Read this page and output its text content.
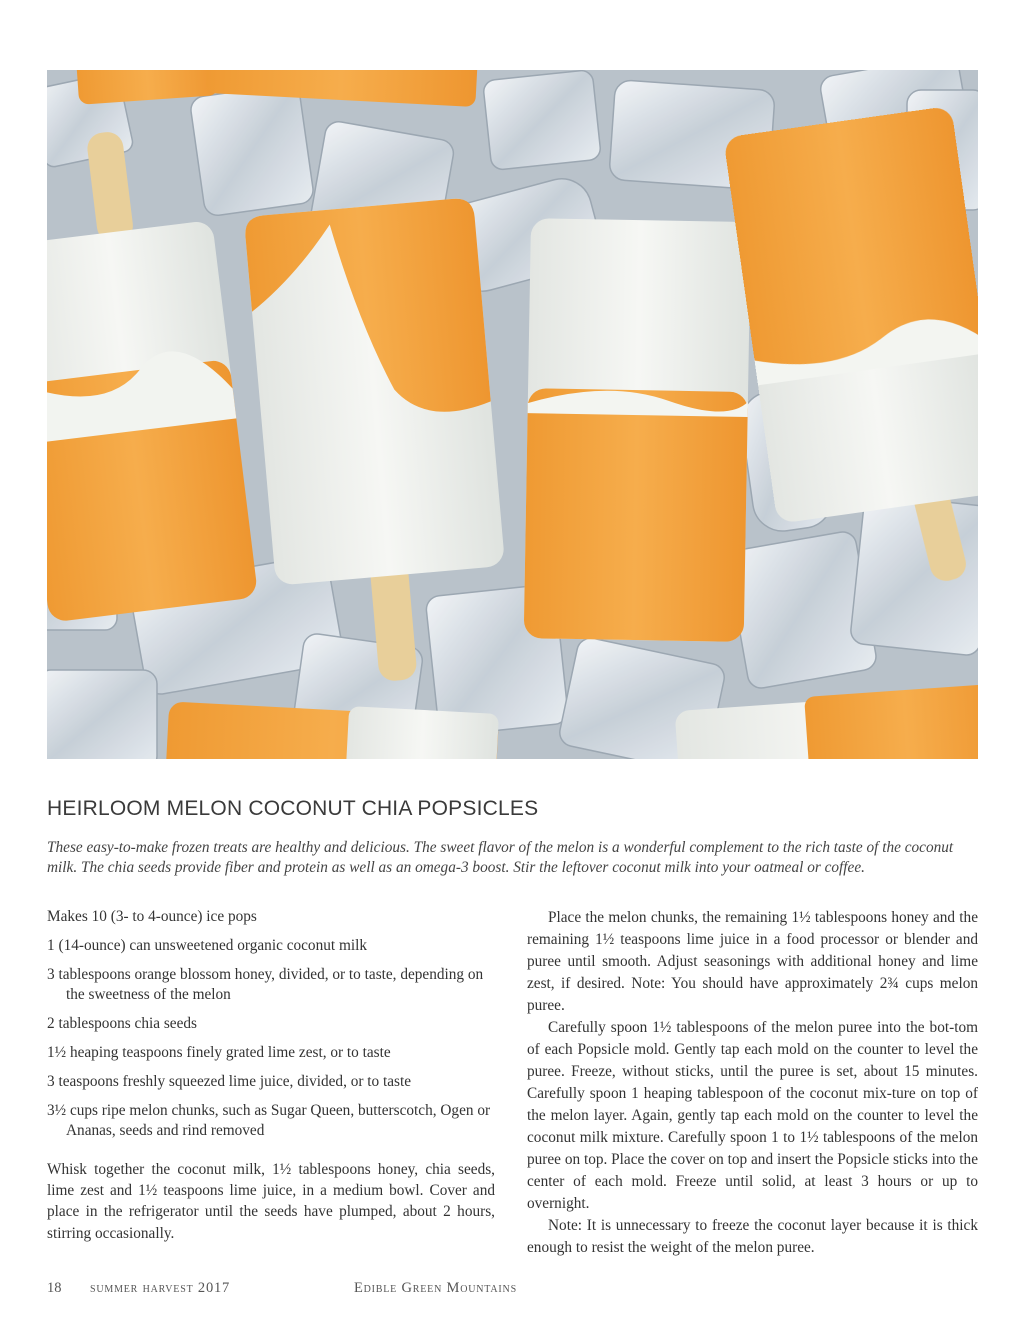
HEIRLOOM MELON COCONUT CHIA POPSICLES
These easy-to-make frozen treats are healthy and delicious. The sweet flavor of the melon is a wonderful complement to the rich taste of the coconut milk. The chia seeds provide fiber and protein as well as an omega-3 boost. Stir the leftover coconut milk into your oatmeal or coffee.

Makes 10 (3- to 4-ounce) ice pops

1 (14-ounce) can unsweetened organic coconut milk

3 tablespoons orange blossom honey, divided, or to taste, depending on the sweetness of the melon

2 tablespoons chia seeds

1½ heaping teaspoons finely grated lime zest, or to taste

3 teaspoons freshly squeezed lime juice, divided, or to taste

3½ cups ripe melon chunks, such as Sugar Queen, butterscotch, Ogen or Ananas, seeds and rind removed

Whisk together the coconut milk, 1½ tablespoons honey, chia seeds, lime zest and 1½ teaspoons lime juice, in a medium bowl. Cover and place in the refrigerator until the seeds have plumped, about 2 hours, stirring occasionally.

Place the melon chunks, the remaining 1½ tablespoons honey and the remaining 1½ teaspoons lime juice in a food processor or blender and puree until smooth. Adjust seasonings with additional honey and lime zest, if desired. Note: You should have approximately 2¾ cups melon puree.

Carefully spoon 1½ tablespoons of the melon puree into the bot-tom of each Popsicle mold. Gently tap each mold on the counter to level the puree. Freeze, without sticks, until the puree is set, about 15 minutes. Carefully spoon 1 heaping tablespoon of the coconut mix-ture on top of the melon layer. Again, gently tap each mold on the counter to level the coconut milk mixture. Carefully spoon 1 to 1½ tablespoons of the melon puree on top. Place the cover on top and insert the Popsicle sticks into the center of each mold. Freeze until solid, at least 3 hours or up to overnight.

Note: It is unnecessary to freeze the coconut layer because it is thick enough to resist the weight of the melon puree.

18 summer harvest 2017	Edible Green Mountains
